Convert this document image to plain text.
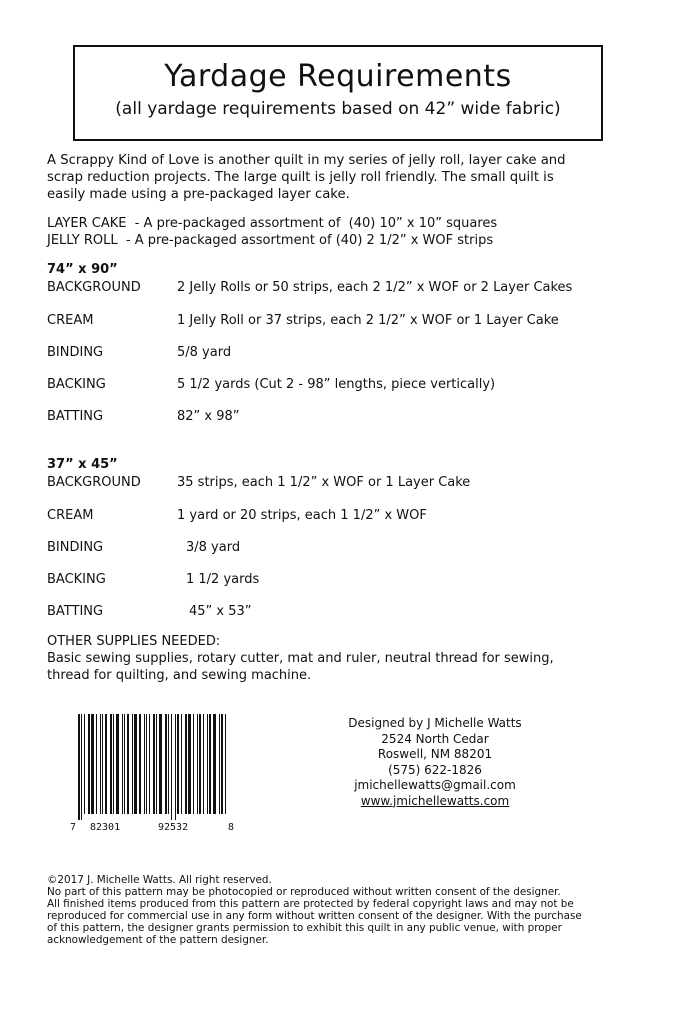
Yardage Requirements
(all yardage requirements based on 42” wide fabric)

A Scrappy Kind of Love is another quilt in my series of jelly roll, layer cake and

scrap reduction projects. The large quilt is jelly roll friendly. The small quilt is

easily made using a pre-packaged layer cake.

LAYER CAKE  - A pre-packaged assortment of  (40) 10” x 10” squares
JELLY ROLL  - A pre-packaged assortment of (40) 2 1/2” x WOF strips
74” x 90”
BACKGROUND	2 Jelly Rolls or 50 strips, each 2 1/2” x WOF or 2 Layer Cakes
CREAM	1 Jelly Roll or 37 strips, each 2 1/2” x WOF or 1 Layer Cake
BINDING	5/8 yard
BACKING	5 1/2 yards (Cut 2 - 98” lengths, piece vertically)
BATTING	82” x 98”
37” x 45”
BACKGROUND	35 strips, each 1 1/2” x WOF or 1 Layer Cake
CREAM	1 yard or 20 strips, each 1 1/2” x WOF
BINDING	3/8 yard
BACKING	1 1/2 yards
BATTING	45” x 53”

OTHER SUPPLIES NEEDED:

Basic sewing supplies, rotary cutter, mat and ruler, neutral thread for sewing,

thread for quilting, and sewing machine.

7	82301	92532	8
Designed by J Michelle Watts
2524 North Cedar
Roswell, NM 88201
(575) 622-1826
jmichellewatts@gmail.com
www.jmichellewatts.com

©2017 J. Michelle Watts. All right reserved.

No part of this pattern may be photocopied or reproduced without written consent of the designer.

All finished items produced from this pattern are protected by federal copyright laws and may not be

reproduced for commercial use in any form without written consent of the designer. With the purchase

of this pattern, the designer grants permission to exhibit this quilt in any public venue, with proper

acknowledgement of the pattern designer.
